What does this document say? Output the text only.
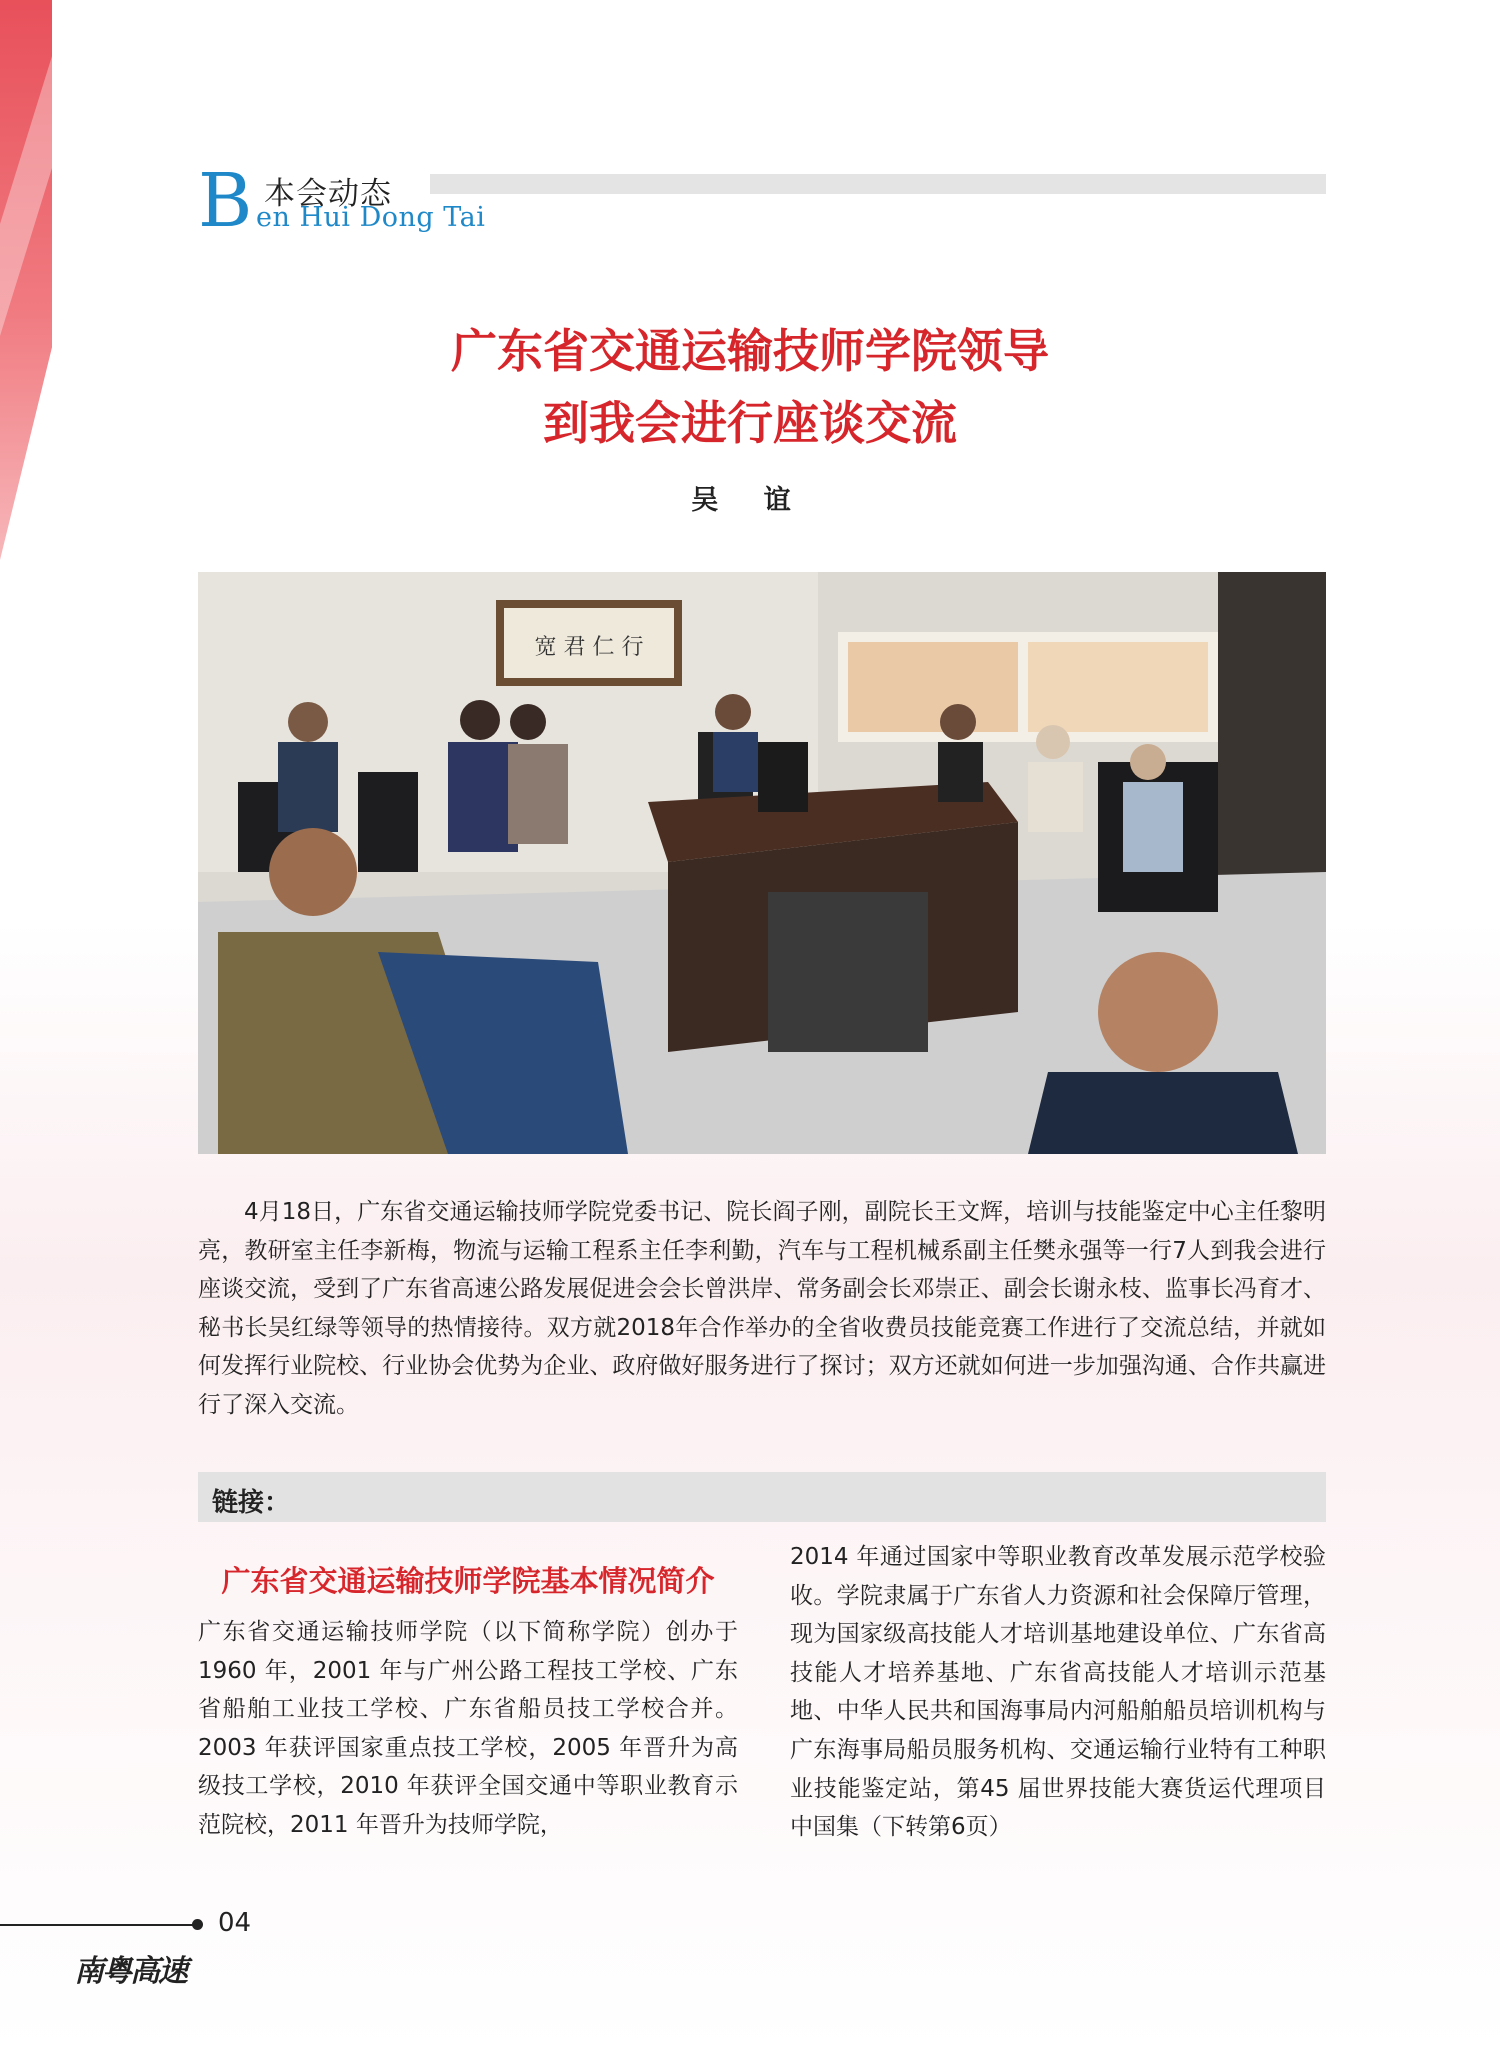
B 本会动态
en Hui Dong Tai
广东省交通运输技师学院领导
到我会进行座谈交流
吴 谊
宽 君 仁 行
4月18日，广东省交通运输技师学院党委书记、院长阎子刚，副院长王文辉，培训与技能鉴定中心主任黎明亮，教研室主任李新梅，物流与运输工程系主任李利勤，汽车与工程机械系副主任樊永强等一行7人到我会进行座谈交流，受到了广东省高速公路发展促进会会长曾洪岸、常务副会长邓崇正、副会长谢永枝、监事长冯育才、秘书长吴红绿等领导的热情接待。双方就2018年合作举办的全省收费员技能竞赛工作进行了交流总结，并就如何发挥行业院校、行业协会优势为企业、政府做好服务进行了探讨；双方还就如何进一步加强沟通、合作共赢进行了深入交流。
链接：
广东省交通运输技师学院基本情况简介
广东省交通运输技师学院（以下简称学院）创办于1960 年，2001 年与广州公路工程技工学校、广东省船舶工业技工学校、广东省船员技工学校合并。2003 年获评国家重点技工学校，2005 年晋升为高级技工学校，2010 年获评全国交通中等职业教育示范院校，2011 年晋升为技师学院，
2014 年通过国家中等职业教育改革发展示范学校验收。学院隶属于广东省人力资源和社会保障厅管理，现为国家级高技能人才培训基地建设单位、广东省高技能人才培养基地、广东省高技能人才培训示范基地、中华人民共和国海事局内河船舶船员培训机构与广东海事局船员服务机构、交通运输行业特有工种职业技能鉴定站，第45 届世界技能大赛货运代理项目中国集（下转第6页）
04
南粤高速
